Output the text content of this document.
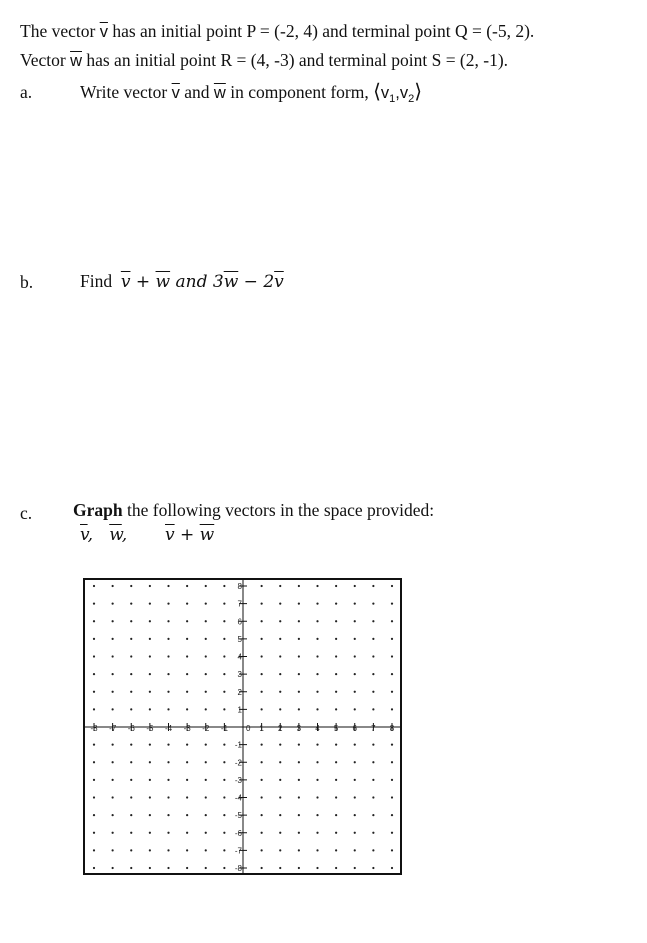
The vector $\overline{v}$ has an initial point P = (-2, 4) and terminal point Q = (-5, 2).
Vector $\overline{w}$ has an initial point R = (4, -3) and terminal point S = (2, -1).
a.	Write vector $\overline{v}$ and $\overline{w}$ in component form, $⟨v_1,v_2⟩$
b.	Find $\overline{v} + \overline{w}$ and $3\overline{w} - 2\overline{v}$
c. Graph the following vectors in the space provided:
$\overline{v}$,   $\overline{w}$,       $\overline{v} + \overline{w}$
-8 -7 -6 -5 -4 -3 -2 -1 0 1 2 3 4 5 6 7 8
8
7
6
5
4
3
2
1
-1
-2
-3
-4
-5
-6
-7
-8
